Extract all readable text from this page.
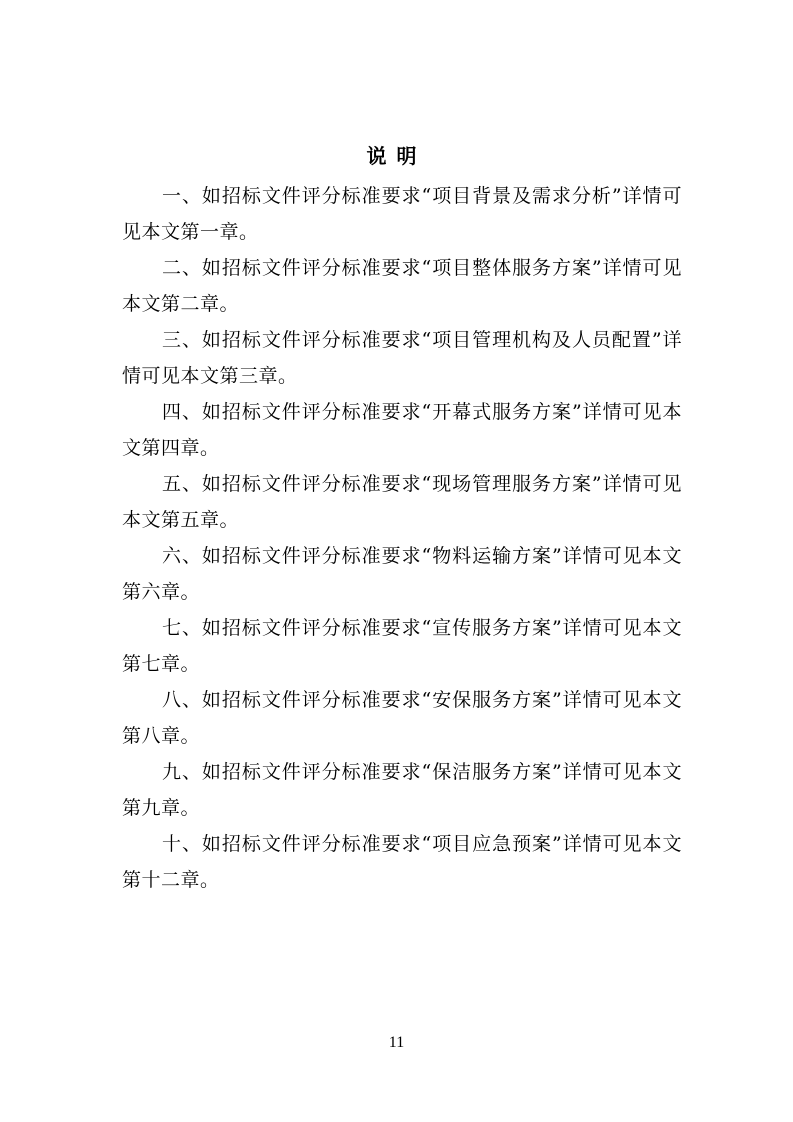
说明

一、如招标文件评分标准要求“项目背景及需求分析”详情可见本文第一章。

二、如招标文件评分标准要求“项目整体服务方案”详情可见本文第二章。

三、如招标文件评分标准要求“项目管理机构及人员配置”详情可见本文第三章。

四、如招标文件评分标准要求“开幕式服务方案”详情可见本文第四章。

五、如招标文件评分标准要求“现场管理服务方案”详情可见本文第五章。

六、如招标文件评分标准要求“物料运输方案”详情可见本文第六章。

七、如招标文件评分标准要求“宣传服务方案”详情可见本文第七章。

八、如招标文件评分标准要求“安保服务方案”详情可见本文第八章。

九、如招标文件评分标准要求“保洁服务方案”详情可见本文第九章。

十、如招标文件评分标准要求“项目应急预案”详情可见本文第十二章。

11
